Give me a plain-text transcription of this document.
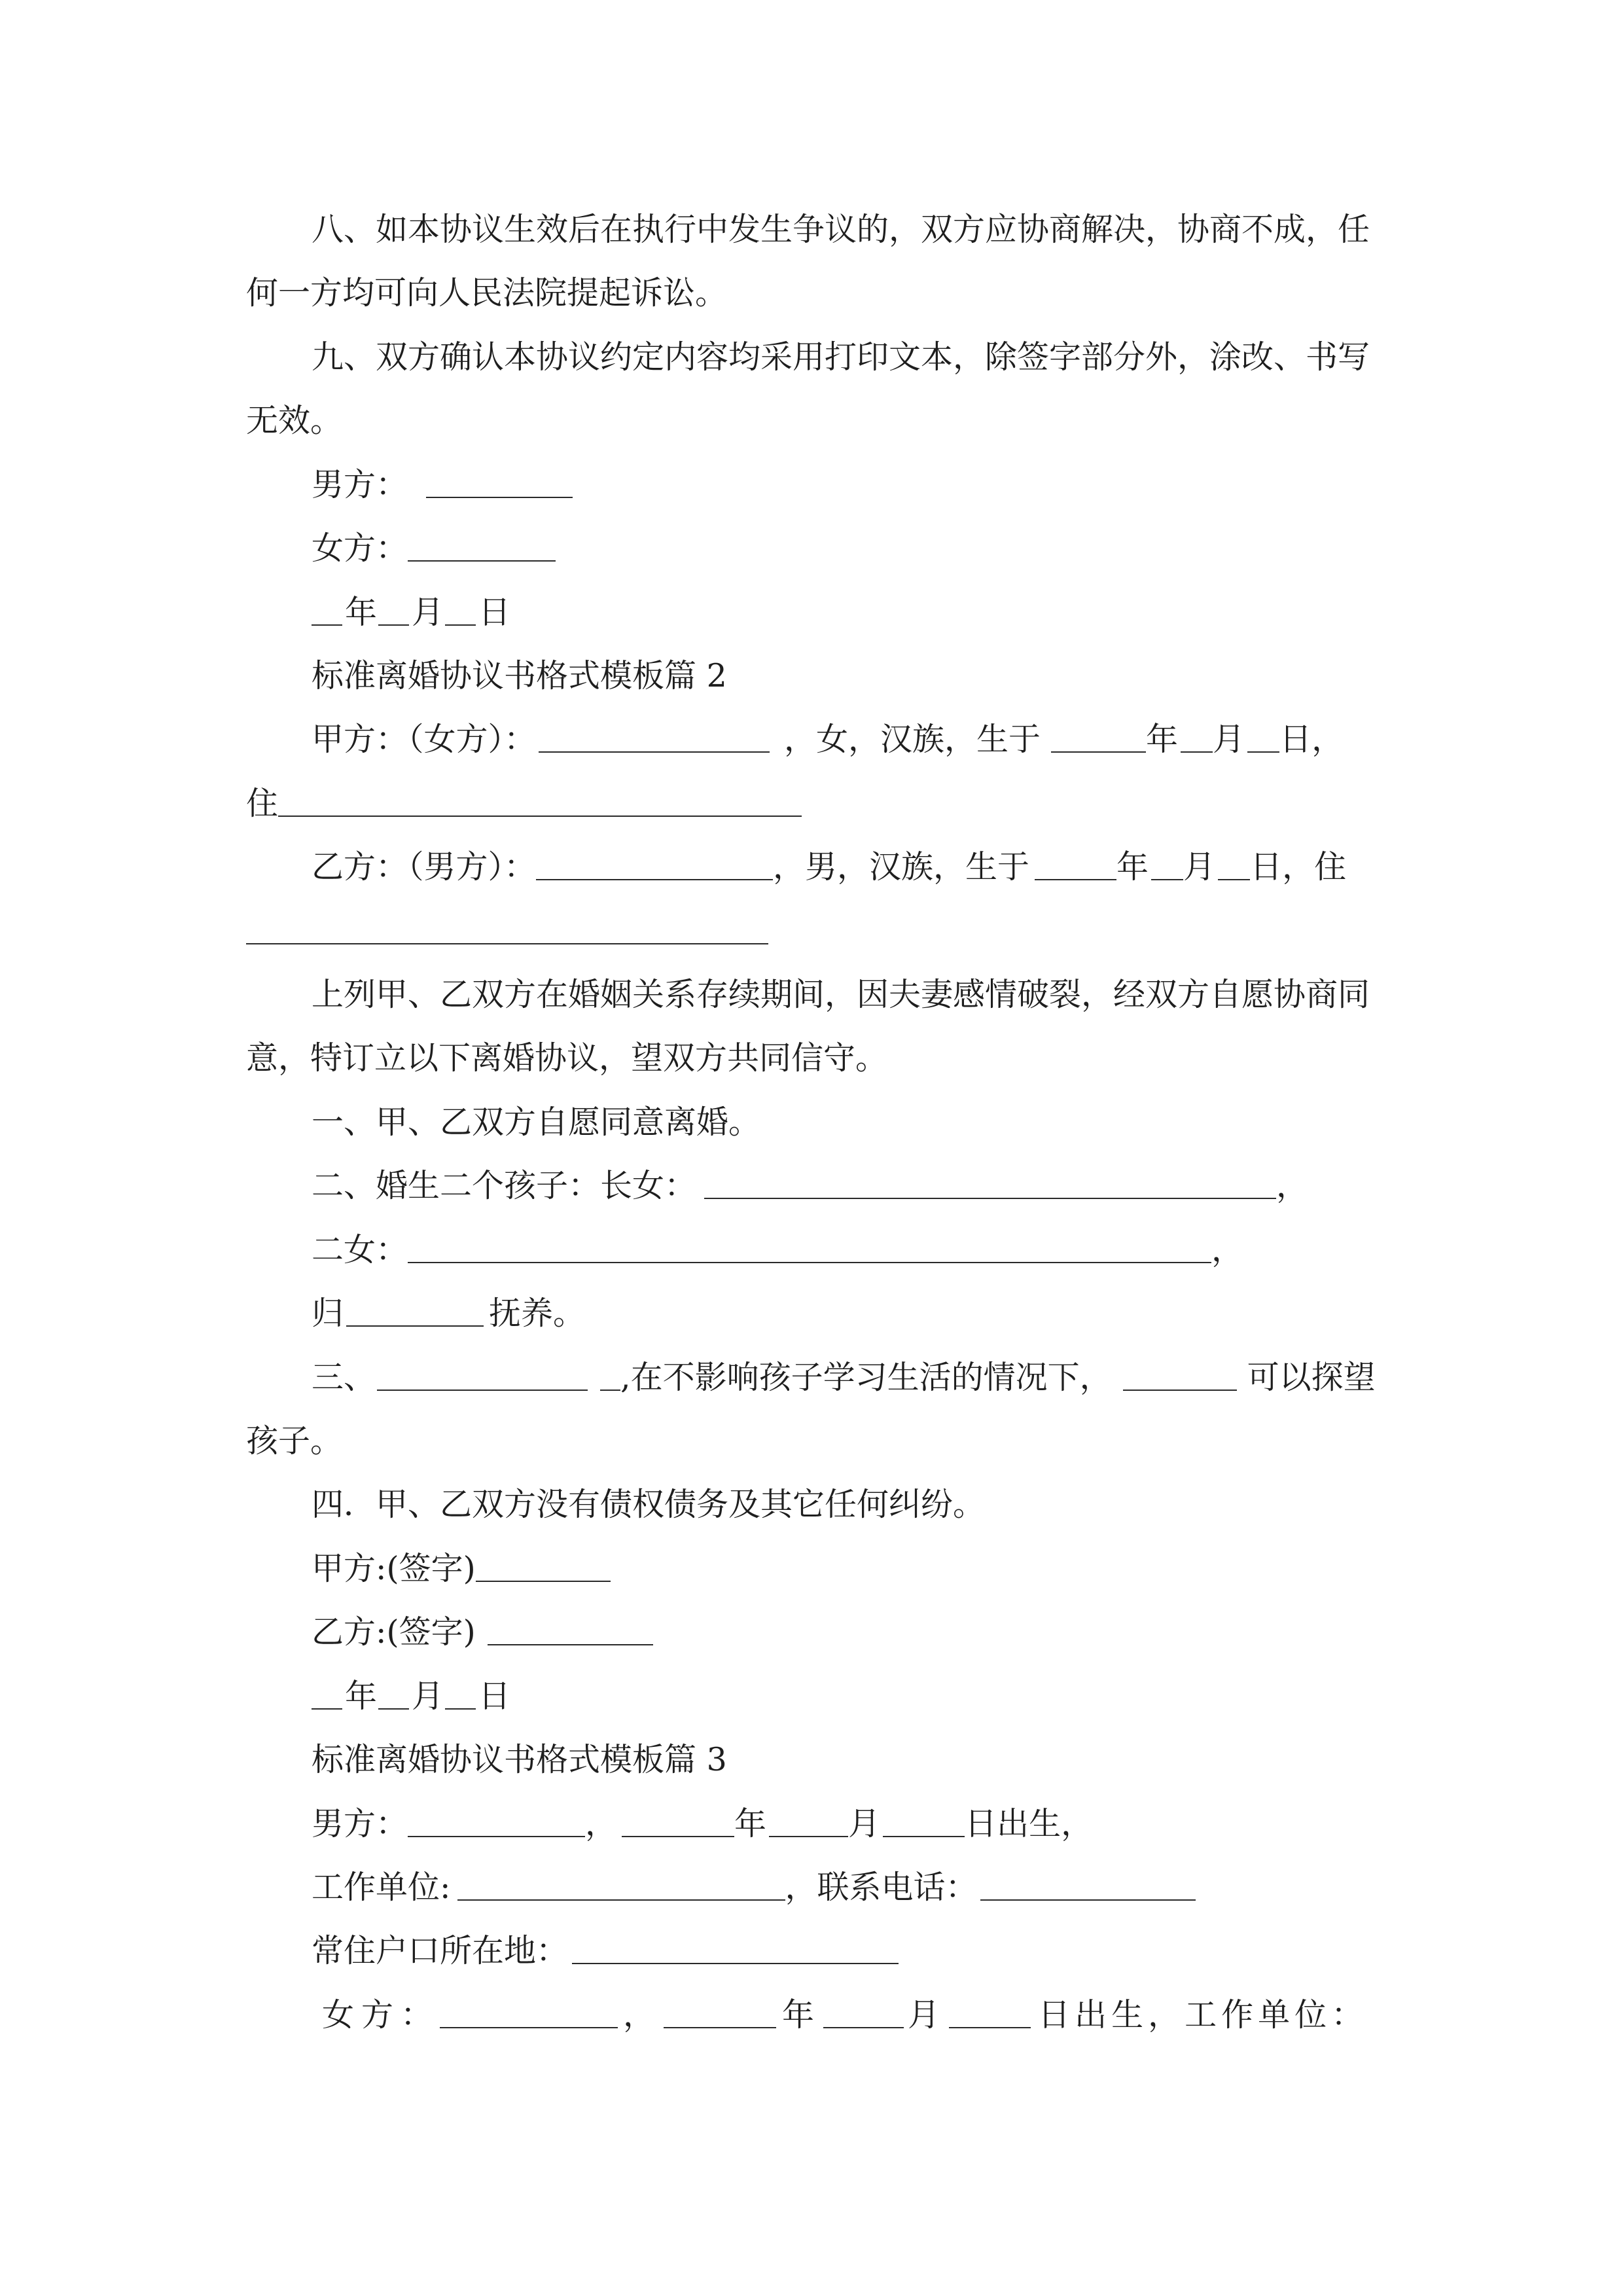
八、如本协议生效后在执行中发生争议的，双方应协商解决，协商不成，任
何一方均可向人民法院提起诉讼。
九、双方确认本协议约定内容均采用打印文本，除签字部分外，涂改、书写
无效。
男方：
女方：
年 月 日
标准离婚协议书格式模板篇 2
甲方：（女方）：	，女，汉族，生于	年 月 日，
住
乙方：（男方）：	，男，汉族，生于	年 月 日，住
上列甲、乙双方在婚姻关系存续期间，因夫妻感情破裂，经双方自愿协商同
意，特订立以下离婚协议，望双方共同信守。
一、甲、乙双方自愿同意离婚。
二、婚生二个孩子：长女：	，
二女：	，
归	抚养。
三、	,在不影响孩子学习生活的情况下，	可以探望
孩子。
四．甲、乙双方没有债权债务及其它任何纠纷。
甲方:(签字)
乙方:(签字)
年 月 日
标准离婚协议书格式模板篇 3
男方：	，	年	月	日出生，
工作单位:	，联系电话：
常住户口所在地：
女方：	，	年	月	日出生，工作单位：
